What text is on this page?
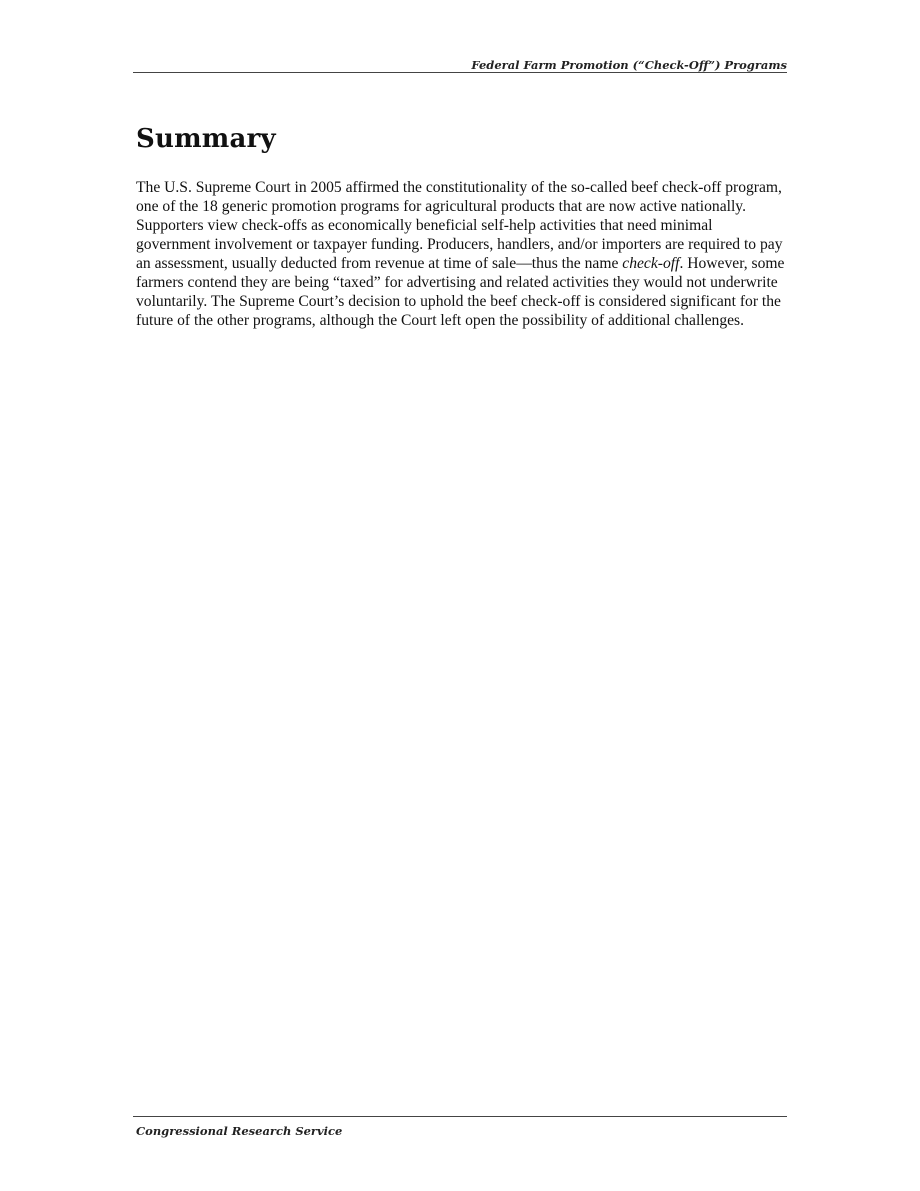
Federal Farm Promotion (“Check-Off”) Programs
Summary

The U.S. Supreme Court in 2005 affirmed the constitutionality of the so-called beef check-off program, one of the 18 generic promotion programs for agricultural products that are now active nationally. Supporters view check-offs as economically beneficial self-help activities that need minimal government involvement or taxpayer funding. Producers, handlers, and/or importers are required to pay an assessment, usually deducted from revenue at time of sale—thus the name check-off. However, some farmers contend they are being “taxed” for advertising and related activities they would not underwrite voluntarily. The Supreme Court’s decision to uphold the beef check-off is considered significant for the future of the other programs, although the Court left open the possibility of additional challenges.

Congressional Research Service
